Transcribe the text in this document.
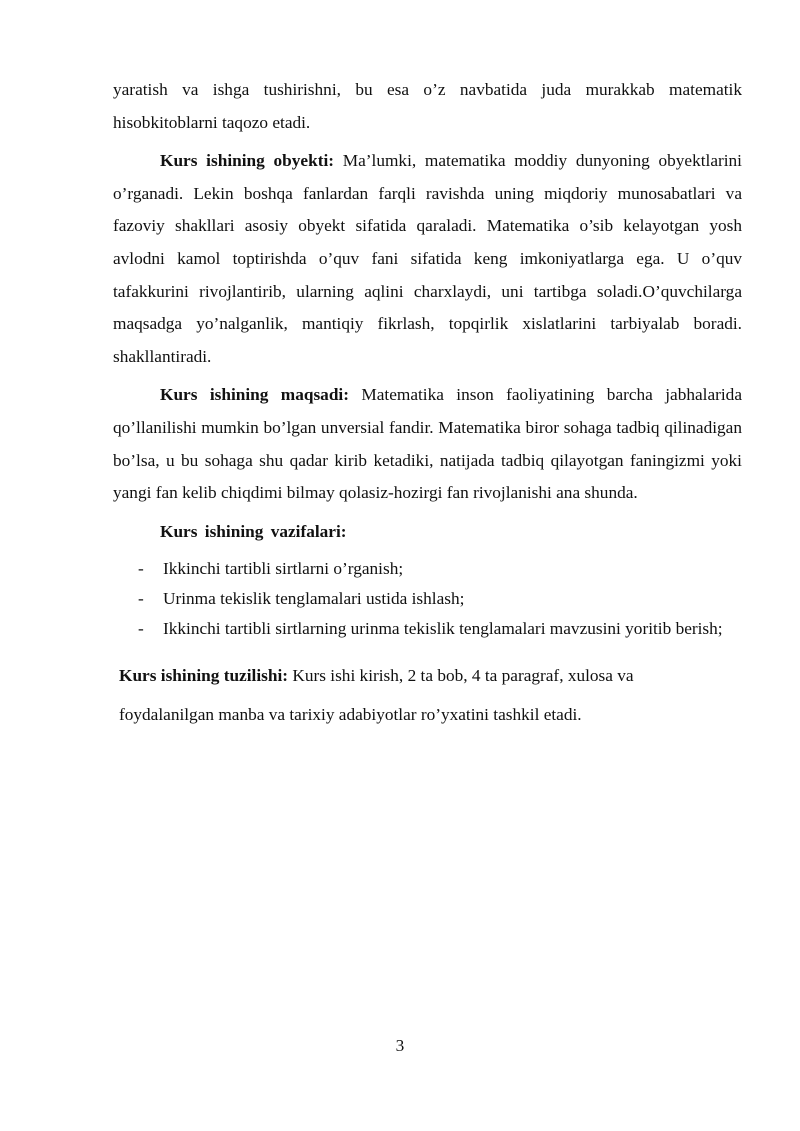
yaratish va ishga tushirishni, bu esa o’z navbatida juda murakkab matematik hisobkitoblarni taqozo etadi.

Kurs ishining obyekti: Ma’lumki, matematika moddiy dunyoning obyektlarini o’rganadi. Lekin boshqa fanlardan farqli ravishda uning miqdoriy munosabatlari va fazoviy shakllari asosiy obyekt sifatida qaraladi. Matematika o’sib kelayotgan yosh avlodni kamol toptirishda o’quv fani sifatida keng imkoniyatlarga ega. U o’quv tafakkurini rivojlantirib, ularning aqlini charxlaydi, uni tartibga soladi.O’quvchilarga maqsadga yo’nalganlik, mantiqiy fikrlash, topqirlik xislatlarini tarbiyalab boradi. shakllantiradi.

Kurs ishining maqsadi: Matematika inson faoliyatining barcha jabhalarida qo’llanilishi mumkin bo’lgan unversial fandir. Matematika biror sohaga tadbiq qilinadigan bo’lsa, u bu sohaga shu qadar kirib ketadiki, natijada tadbiq qilayotgan faningizmi yoki yangi fan kelib chiqdimi bilmay qolasiz-hozirgi fan rivojlanishi ana shunda.

Kurs ishining vazifalari:
- Ikkinchi tartibli sirtlarni o’rganish;
- Urinma tekislik tenglamalari ustida ishlash;
- Ikkinchi tartibli sirtlarning urinma tekislik tenglamalari mavzusini yoritib berish;
Kurs ishining tuzilishi: Kurs ishi kirish, 2 ta bob, 4 ta paragraf, xulosa va
foydalanilgan manba va tarixiy adabiyotlar ro’yxatini tashkil etadi.
3
